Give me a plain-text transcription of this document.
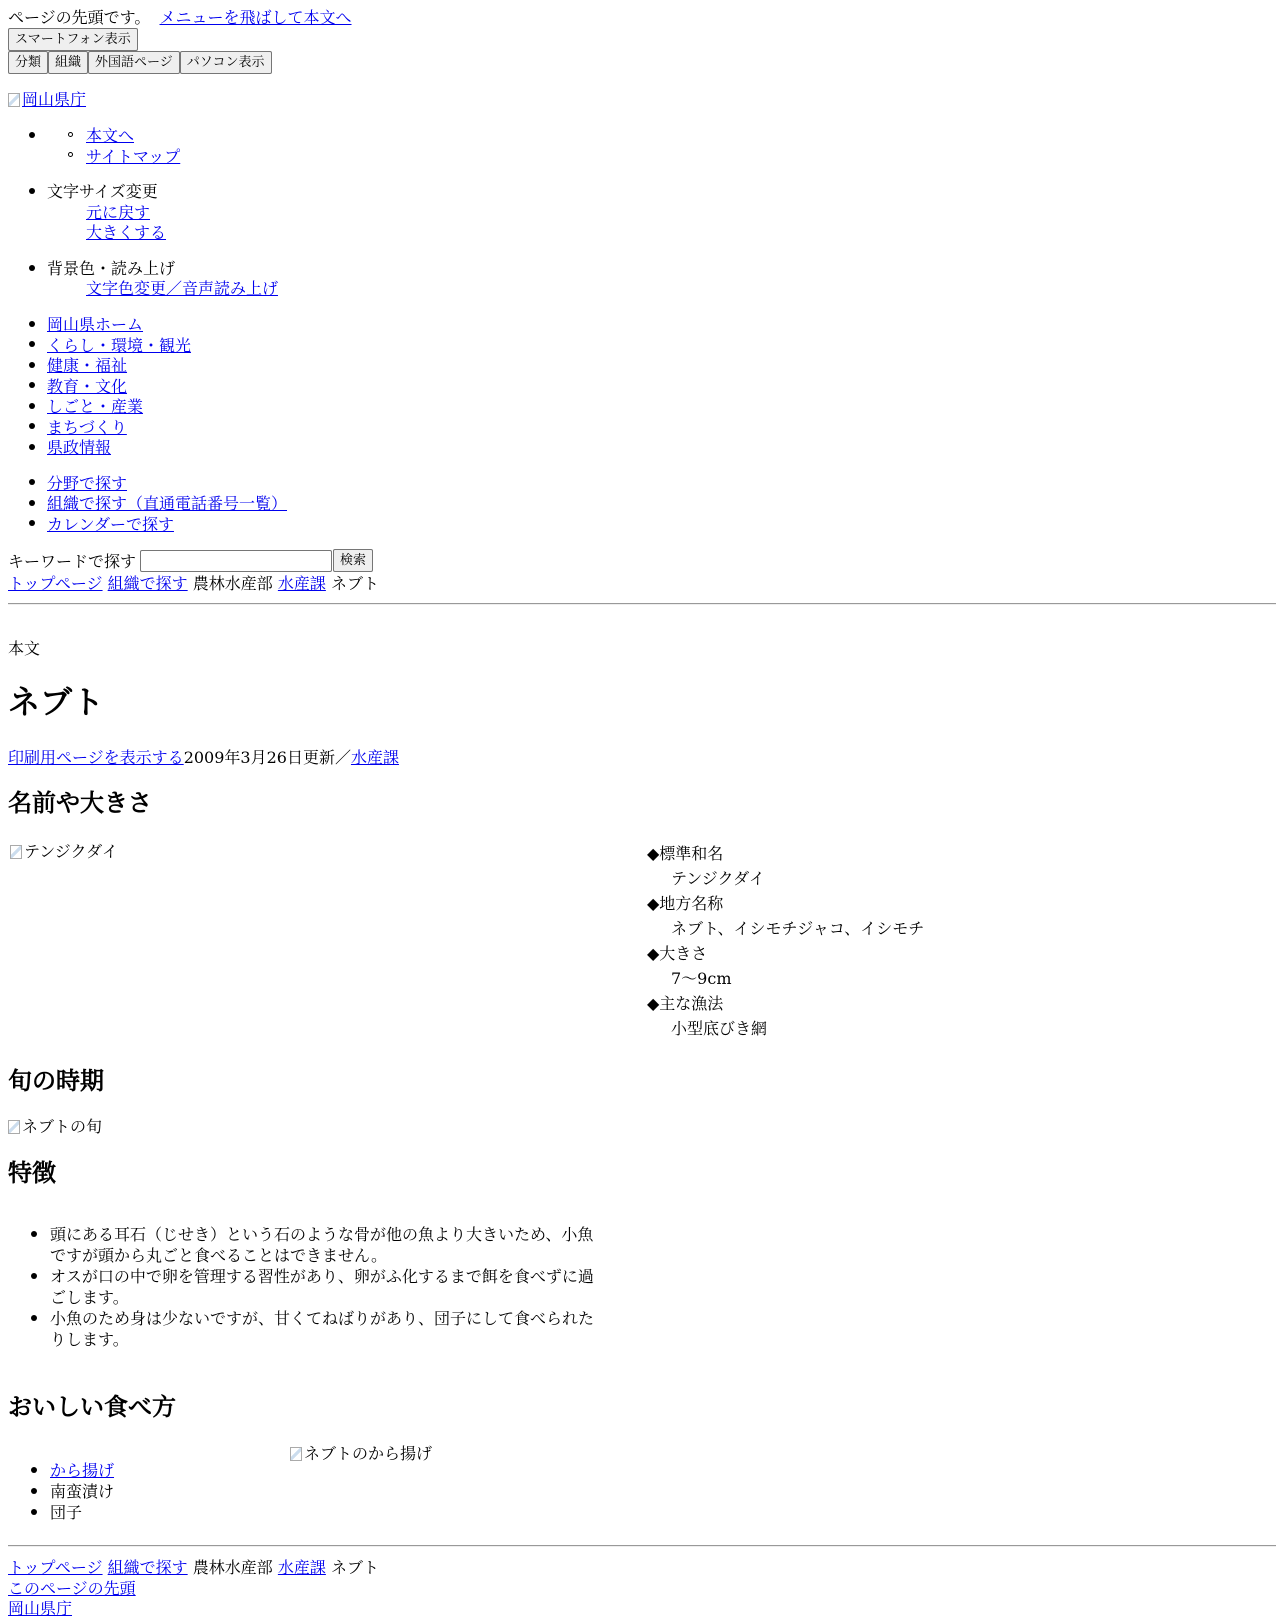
ページの先頭です。 メニューを飛ばして本文へ
スマートフォン表示
分類	組織	外国語ページ	パソコン表示
岡山県庁
本文へ
サイトマップ
文字サイズ変更
元に戻す
大きくする
背景色・読み上げ
文字色変更／音声読み上げ
岡山県ホーム
くらし・環境・観光
健康・福祉
教育・文化
しごと・産業
まちづくり
県政情報
分野で探す
組織で探す（直通電話番号一覧）
カレンダーで探す
キーワードで探す	検索
トップページ 組織で探す 農林水産部 水産課 ネブト
本文
ネブト
印刷用ページを表示する2009年3月26日更新／水産課
名前や大きさ
テンジクダイ	◆標準和名
テンジクダイ
◆地方名称
ネブト、イシモチジャコ、イシモチ
◆大きさ
7～9cm
◆主な漁法
小型底びき網
旬の時期
ネブトの旬
特徴
頭にある耳石（じせき）という石のような骨が他の魚より大きいため、小魚ですが頭から丸ごと食べることはできません。
オスが口の中で卵を管理する習性があり、卵がふ化するまで餌を食べずに過ごします。
小魚のため身は少ないですが、甘くてねばりがあり、団子にして食べられたりします。
おいしい食べ方
から揚げ
南蛮漬け
団子
ネブトのから揚げ
トップページ 組織で探す 農林水産部 水産課 ネブト
このページの先頭
岡山県庁
